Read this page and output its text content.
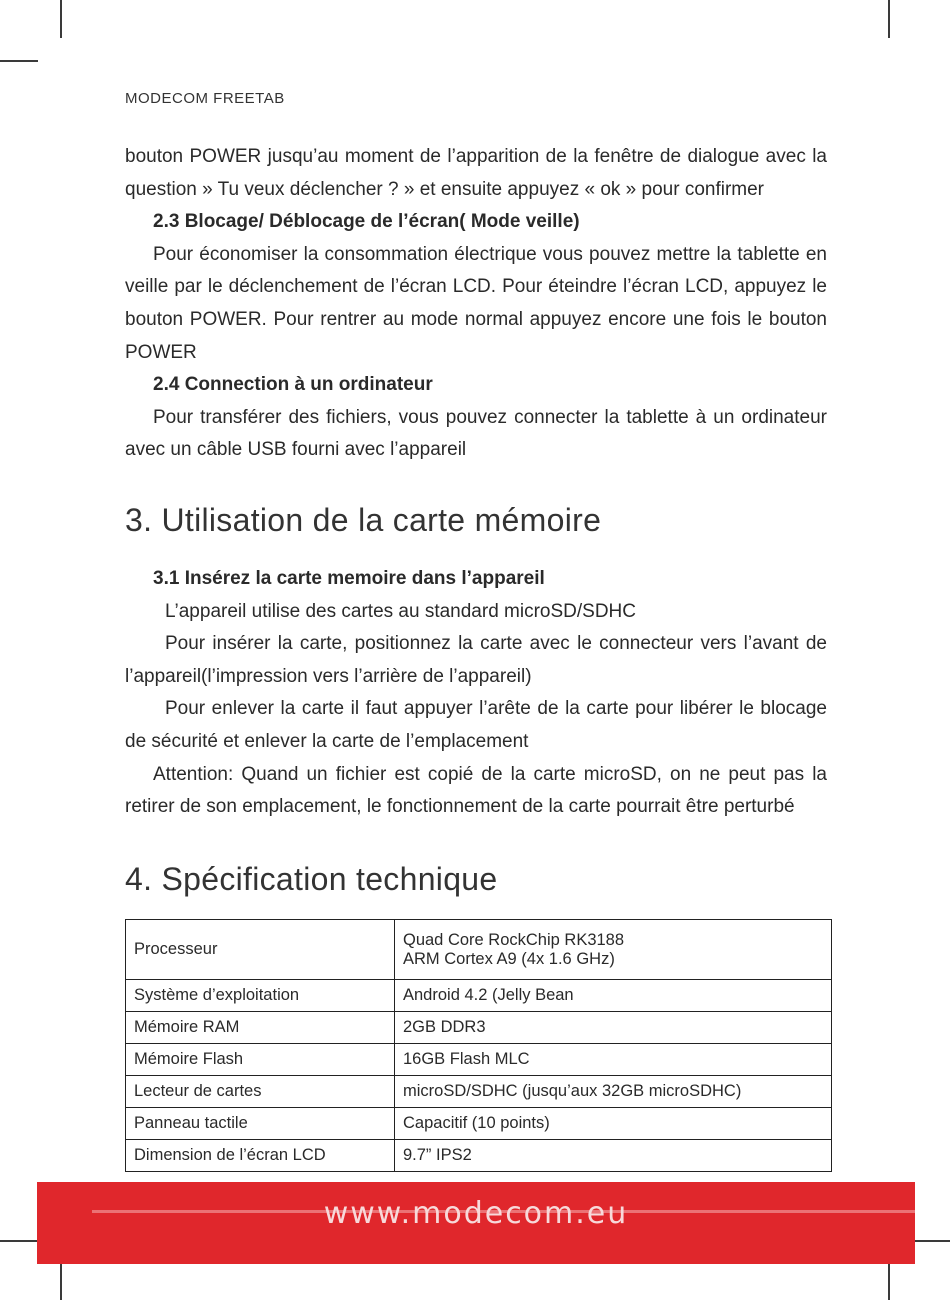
MODECOM FREETAB

bouton POWER jusqu’au moment de l’apparition de la fenêtre de dialogue avec la question » Tu veux déclencher ? » et ensuite appuyez « ok » pour confirmer

2.3 Blocage/ Déblocage de l’écran( Mode veille)

Pour économiser la consommation électrique vous pouvez mettre la tablette en veille par le déclenchement de l’écran LCD. Pour éteindre l’écran LCD, appuyez le bouton POWER. Pour rentrer au mode normal appuyez encore une fois le bouton POWER

2.4 Connection à un ordinateur

Pour transférer des fichiers, vous pouvez connecter la tablette à un ordinateur avec un câble USB fourni avec l’appareil

3. Utilisation de la carte mémoire

3.1 Insérez la carte memoire dans l’appareil

L’appareil utilise des cartes au standard microSD/SDHC

Pour insérer la carte, positionnez la carte avec le connecteur vers l’avant de l’appareil(l’impression vers l’arrière de l’appareil)

Pour enlever la carte il faut appuyer l’arête de la carte pour libérer le blocage de sécurité et enlever la carte de l’emplacement

Attention: Quand un fichier est copié de la carte microSD, on ne peut pas la retirer de son emplacement, le fonctionnement de la carte pourrait être perturbé

4. Spécification technique
Processeur	Quad Core RockChip RK3188
ARM Cortex A9 (4x 1.6 GHz)

Système d’exploitation	Android 4.2 (Jelly Bean
Mémoire RAM	2GB DDR3
Mémoire Flash	16GB Flash MLC
Lecteur de cartes	microSD/SDHC (jusqu’aux 32GB microSDHC)
Panneau tactile	Capacitif (10 points)
Dimension de l’écran LCD	9.7” IPS2
www.modecom.eu
